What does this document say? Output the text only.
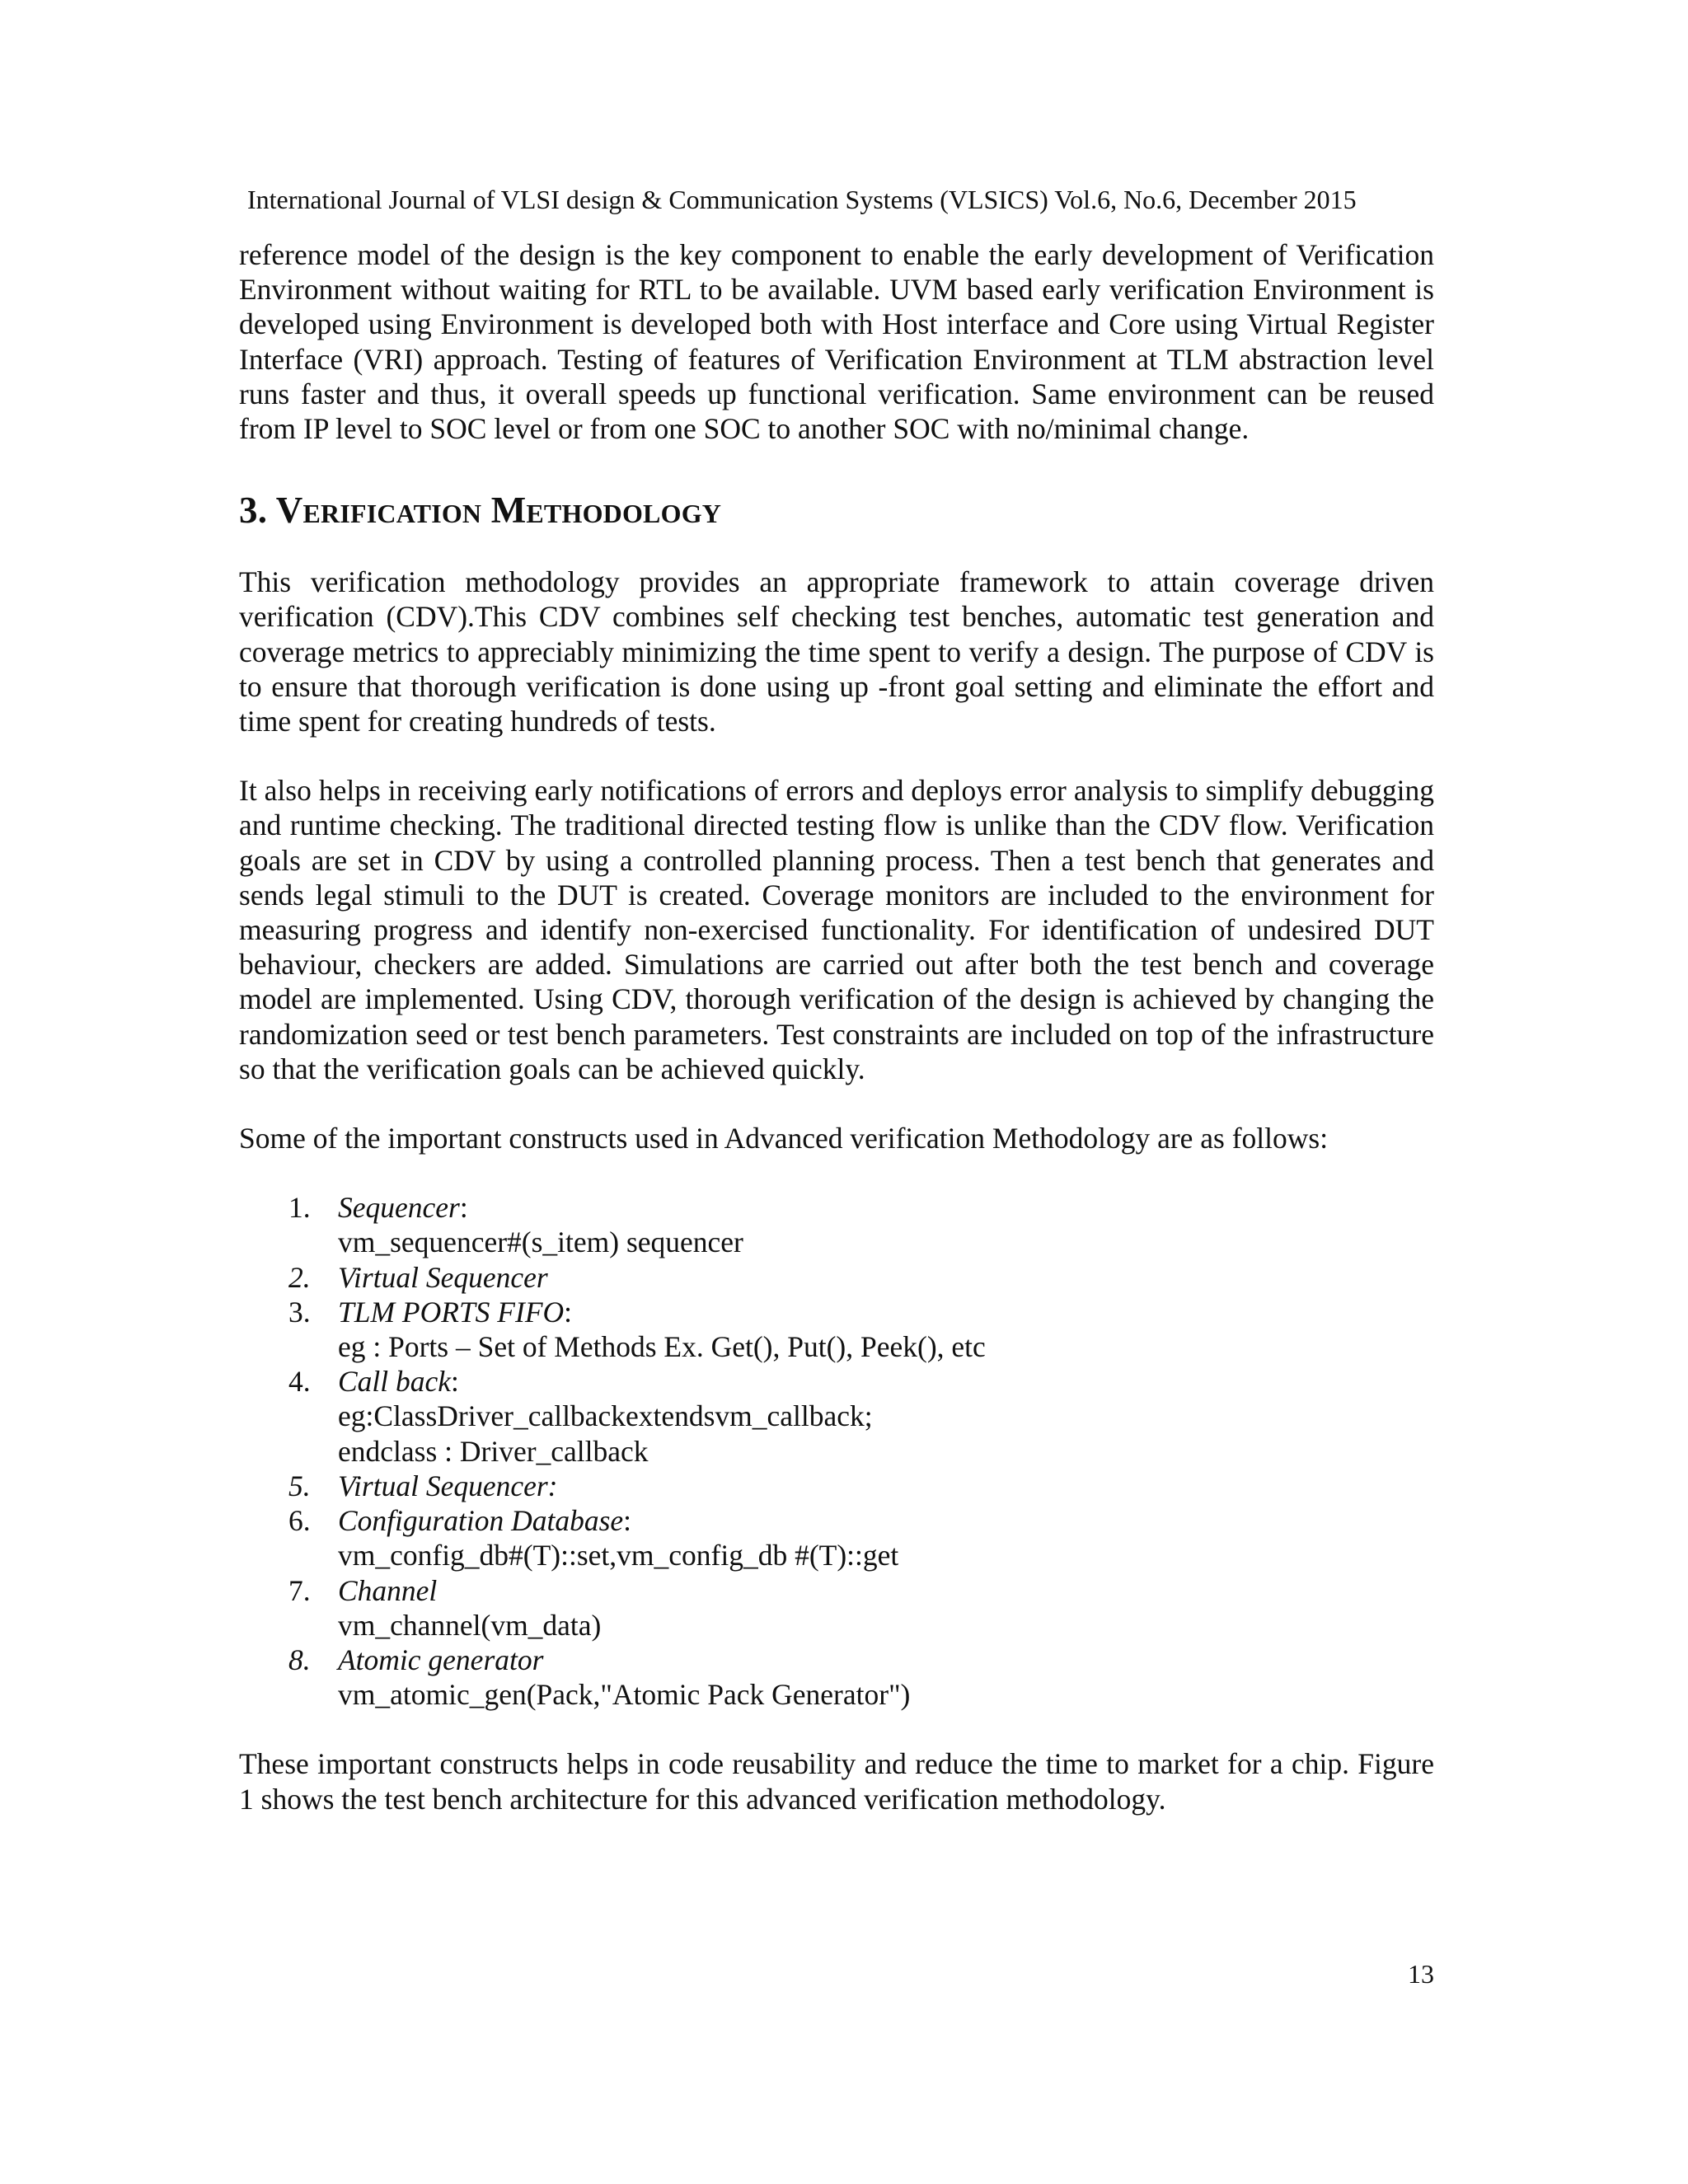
International Journal of VLSI design & Communication Systems (VLSICS) Vol.6, No.6, December 2015

reference model of the design is the key component to enable the early development of Verification Environment without waiting for RTL to be available. UVM based early verification Environment is developed using Environment is developed both with Host interface and Core using Virtual Register Interface (VRI) approach. Testing of features of Verification Environment at TLM abstraction level runs faster and thus, it overall speeds up functional verification. Same environment can be reused from IP level to SOC level or from one SOC to another SOC with no/minimal change.

3. Verification Methodology

This verification methodology provides an appropriate framework to attain coverage driven verification (CDV).This CDV combines self checking test benches, automatic test generation and coverage metrics to appreciably minimizing the time spent to verify a design. The purpose of CDV is to ensure that thorough verification is done using up -front goal setting and eliminate the effort and time spent for creating hundreds of tests.

It also helps in receiving early notifications of errors and deploys error analysis to simplify debugging and runtime checking. The traditional directed testing flow is unlike than the CDV flow. Verification goals are set in CDV by using a controlled planning process. Then a test bench that generates and sends legal stimuli to the DUT is created. Coverage monitors are included to the environment for measuring progress and identify non-exercised functionality. For identification of undesired DUT behaviour, checkers are added. Simulations are carried out after both the test bench and coverage model are implemented. Using CDV, thorough verification of the design is achieved by changing the randomization seed or test bench parameters. Test constraints are included on top of the infrastructure so that the verification goals can be achieved quickly.

Some of the important constructs used in Advanced verification Methodology are as follows:

1. Sequencer:
vm_sequencer#(s_item) sequencer
2. Virtual Sequencer
3. TLM PORTS FIFO:
eg : Ports – Set of Methods Ex. Get(), Put(), Peek(), etc
4. Call back:
eg:ClassDriver_callbackextendsvm_callback;
endclass : Driver_callback
5. Virtual Sequencer:
6. Configuration Database:
vm_config_db#(T)::set,vm_config_db #(T)::get
7. Channel
vm_channel(vm_data)
8. Atomic generator
vm_atomic_gen(Pack,"Atomic Pack Generator")

These important constructs helps in code reusability and reduce the time to market for a chip. Figure 1 shows the test bench architecture for this advanced verification methodology.

13
